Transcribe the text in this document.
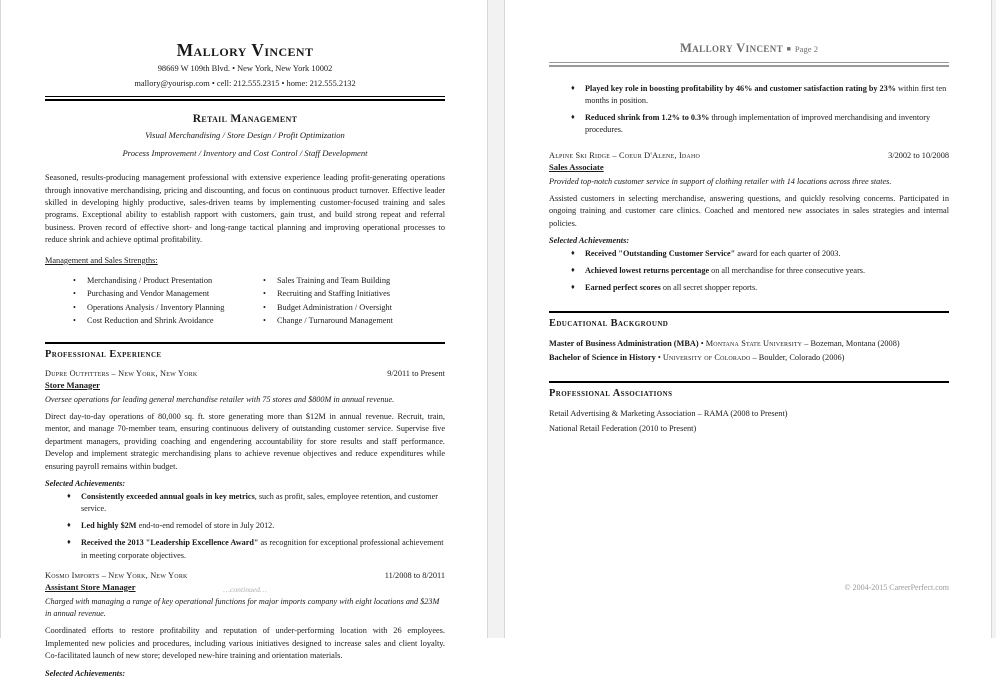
Mallory Vincent
98669 W 109th Blvd. • New York, New York 10002
mallory@yourisp.com • cell: 212.555.2315 • home: 212.555.2132
Retail Management
Visual Merchandising / Store Design / Profit Optimization
Process Improvement / Inventory and Cost Control / Staff Development
Seasoned, results-producing management professional with extensive experience leading profit-generating operations through innovative merchandising, pricing and discounting, and focus on continuous product turnover. Effective leader skilled in developing highly productive, sales-driven teams by implementing customer-focused training and sales programs. Exceptional ability to establish rapport with customers, gain trust, and build strong repeat and referral business. Proven record of effective short- and long-range tactical planning and improving operational processes to reduce shrink and achieve optimal profitability.
Management and Sales Strengths:
• Merchandising / Product Presentation	• Sales Training and Team Building
• Purchasing and Vendor Management	• Recruiting and Staffing Initiatives
• Operations Analysis / Inventory Planning	• Budget Administration / Oversight
• Cost Reduction and Shrink Avoidance	• Change / Turnaround Management
Professional Experience
Dupre Outfitters – New York, New York	9/2011 to Present
Store Manager
Oversee operations for leading general merchandise retailer with 75 stores and $800M in annual revenue.
Direct day-to-day operations of 80,000 sq. ft. store generating more than $12M in annual revenue. Recruit, train, mentor, and manage 70-member team, ensuring continuous delivery of outstanding customer service. Supervise five department managers, providing coaching and engendering accountability for store results and staff performance. Develop and implement strategic merchandising plans to achieve revenue objectives and reduce expenditures while ensuring payroll remains within budget.
Selected Achievements:
♦ Consistently exceeded annual goals in key metrics, such as profit, sales, employee retention, and customer service.
♦ Led highly $2M end-to-end remodel of store in July 2012.
♦ Received the 2013 "Leadership Excellence Award" as recognition for exceptional professional achievement in meeting corporate objectives.
Kosmo Imports – New York, New York	11/2008 to 8/2011
Assistant Store Manager
Charged with managing a range of key operational functions for major imports company with eight locations and $23M in annual revenue.
Coordinated efforts to restore profitability and reputation of under-performing location with 26 employees. Implemented new policies and procedures, including various initiatives designed to increase sales and client loyalty. Co-facilitated launch of new store; developed new-hire training and orientation materials.
Selected Achievements:
…continued…
Mallory Vincent ■ Page 2
♦ Played key role in boosting profitability by 46% and customer satisfaction rating by 23% within first ten months in position.
♦ Reduced shrink from 1.2% to 0.3% through implementation of improved merchandising and inventory procedures.
Alpine Ski Ridge – Coeur D'Alene, Idaho	3/2002 to 10/2008
Sales Associate
Provided top-notch customer service in support of clothing retailer with 14 locations across three states.
Assisted customers in selecting merchandise, answering questions, and quickly resolving concerns. Participated in ongoing training and customer care clinics. Coached and mentored new associates in sales strategies and internal policies.
Selected Achievements:
♦ Received "Outstanding Customer Service" award for each quarter of 2003.
♦ Achieved lowest returns percentage on all merchandise for three consecutive years.
♦ Earned perfect scores on all secret shopper reports.
Educational Background
Master of Business Administration (MBA) • Montana State University – Bozeman, Montana (2008)
Bachelor of Science in History • University of Colorado – Boulder, Colorado (2006)
Professional Associations
Retail Advertising & Marketing Association – RAMA (2008 to Present)
National Retail Federation (2010 to Present)
© 2004-2015 CareerPerfect.com
